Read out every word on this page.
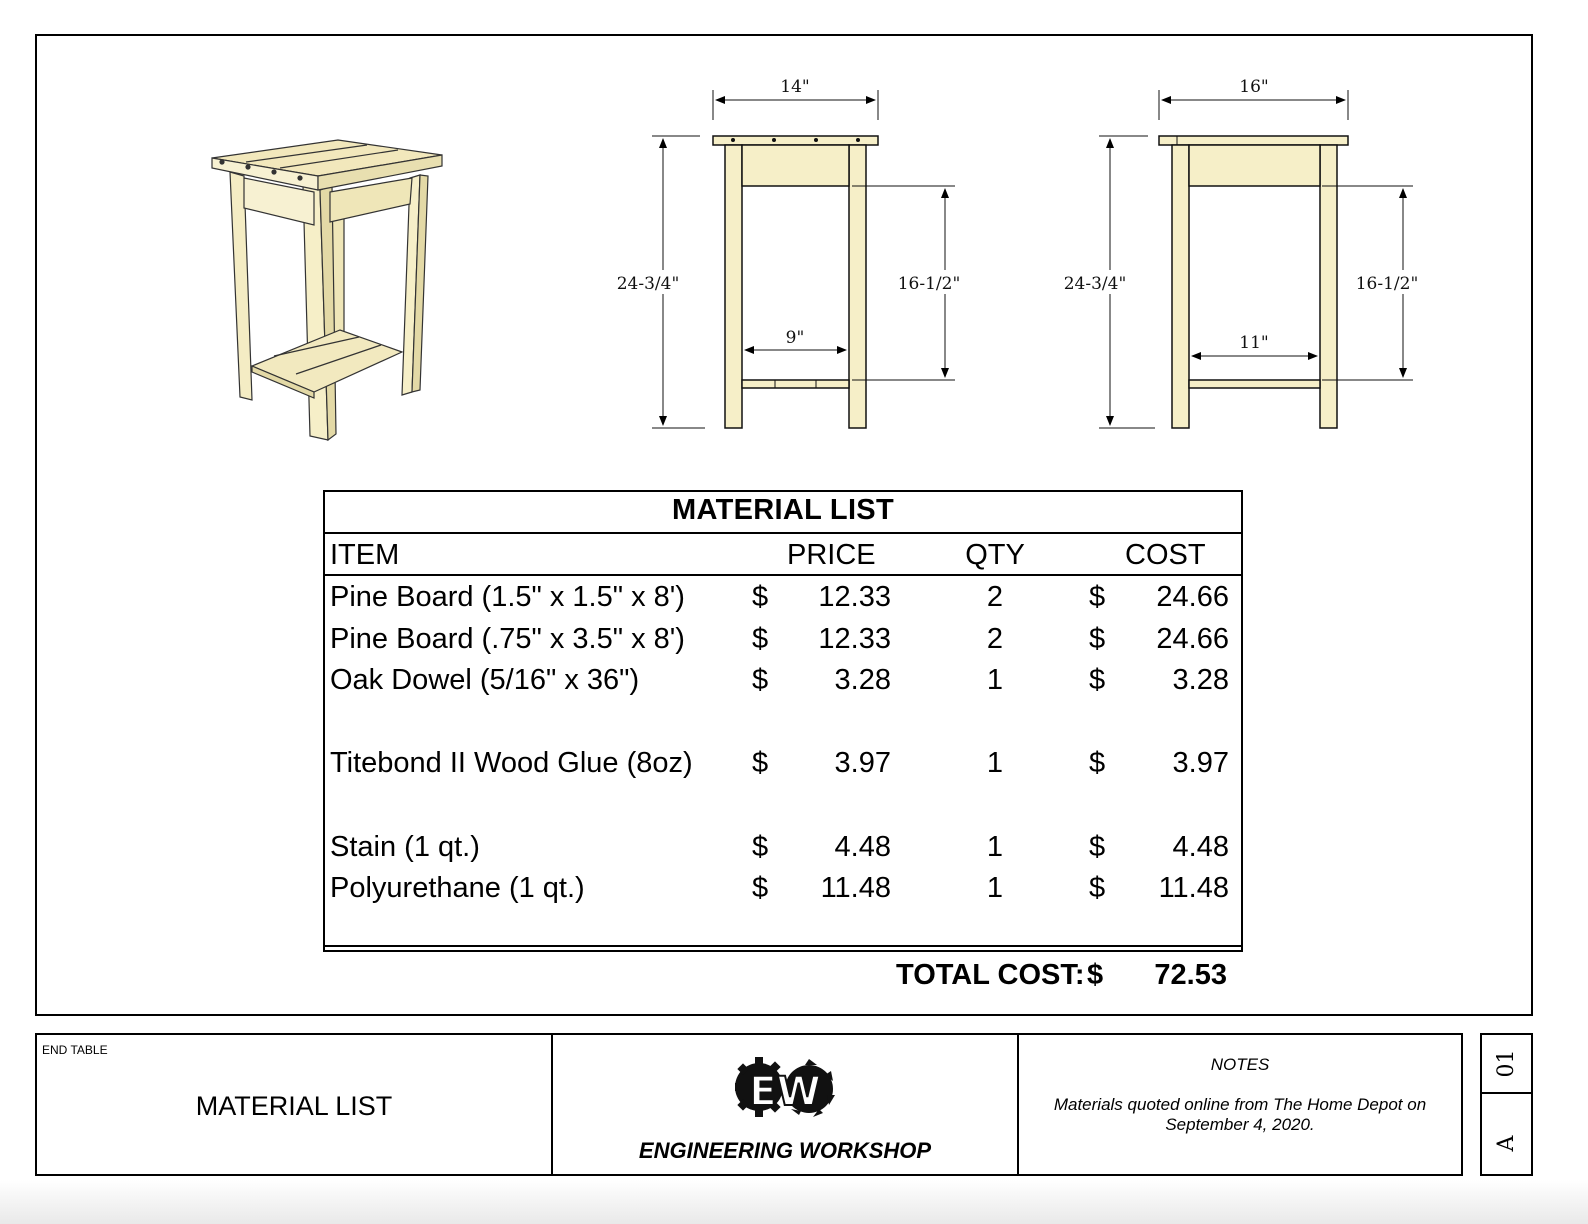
14"
24-3/4"	16-1/2"
9"
16"
24-3/4"	16-1/2"
11"
MATERIAL LIST
ITEM	PRICE	QTY	COST
Pine Board (1.5" x 1.5" x 8') $	12.33	2	$	24.66
Pine Board (.75" x 3.5" x 8') $	12.33	2	$	24.66
Oak Dowel (5/16" x 36")	$	3.28	1	$	3.28
Titebond II Wood Glue (8oz) $	3.97	1	$	3.97
Stain (1 qt.)	$	4.48	1	$	4.48
Polyurethane (1 qt.)	$	11.48	1	$	11.48
TOTAL COST: $	72.53
END TABLE
MATERIAL LIST	EW
ENGINEERING WORKSHOP
NOTES
Materials quoted online from The Home Depot on September 4, 2020.
01
A
